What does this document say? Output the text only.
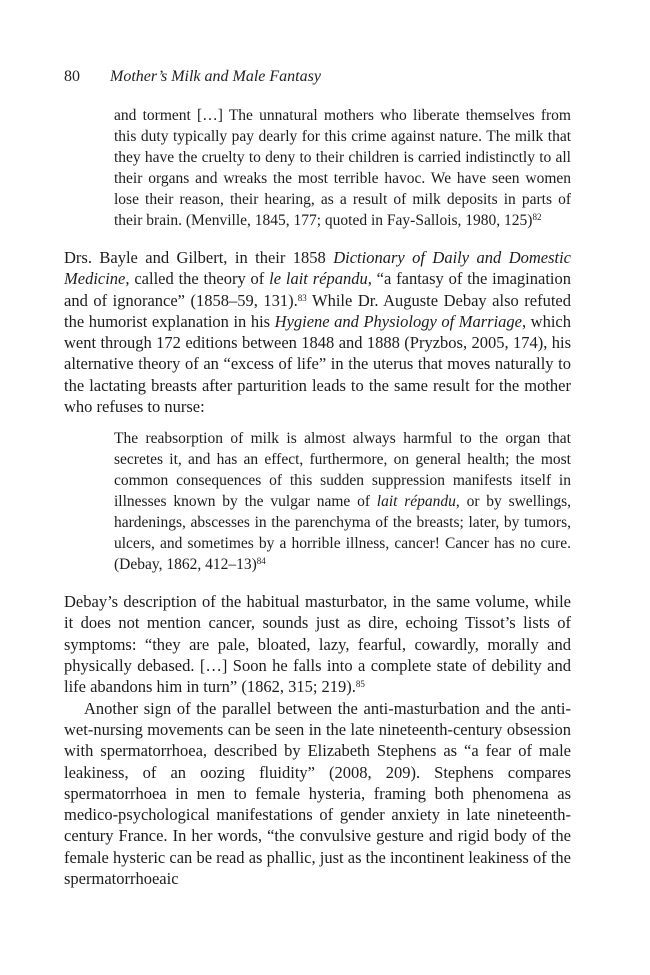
80 Mother’s Milk and Male Fantasy

and torment […] The unnatural mothers who liberate themselves from this duty typically pay dearly for this crime against nature. The milk that they have the cruelty to deny to their children is carried indistinctly to all their organs and wreaks the most terrible havoc. We have seen women lose their reason, their hearing, as a result of milk deposits in parts of their brain. (Menville, 1845, 177; quoted in Fay-Sallois, 1980, 125)$^{82}$

Drs. Bayle and Gilbert, in their 1858 Dictionary of Daily and Domestic Medicine, called the theory of le lait répandu, “a fantasy of the imagination and of ignorance” (1858–59, 131).$^{83}$ While Dr. Auguste Debay also refuted the humorist explanation in his Hygiene and Physiology of Marriage, which went through 172 editions between 1848 and 1888 (Pryzbos, 2005, 174), his alternative theory of an “excess of life” in the uterus that moves naturally to the lactating breasts after parturition leads to the same result for the mother who refuses to nurse:

The reabsorption of milk is almost always harmful to the organ that secretes it, and has an effect, furthermore, on general health; the most common consequences of this sudden suppression manifests itself in illnesses known by the vulgar name of lait répandu, or by swellings, hardenings, abscesses in the parenchyma of the breasts; later, by tumors, ulcers, and sometimes by a horrible illness, cancer! Cancer has no cure. (Debay, 1862, 412–13)$^{84}$

Debay’s description of the habitual masturbator, in the same volume, while it does not mention cancer, sounds just as dire, echoing Tissot’s lists of symptoms: “they are pale, bloated, lazy, fearful, cowardly, morally and physically debased. […] Soon he falls into a complete state of debility and life abandons him in turn” (1862, 315; 219).$^{85}$

Another sign of the parallel between the anti-masturbation and the anti-wet-nursing movements can be seen in the late nineteenth-century obsession with spermatorrhoea, described by Elizabeth Stephens as “a fear of male leakiness, of an oozing fluidity” (2008, 209). Stephens compares spermatorrhoea in men to female hysteria, framing both phenomena as medico-psychological manifestations of gender anxiety in late nineteenth-century France. In her words, “the convulsive gesture and rigid body of the female hysteric can be read as phallic, just as the incontinent leakiness of the spermatorrhoeaic
